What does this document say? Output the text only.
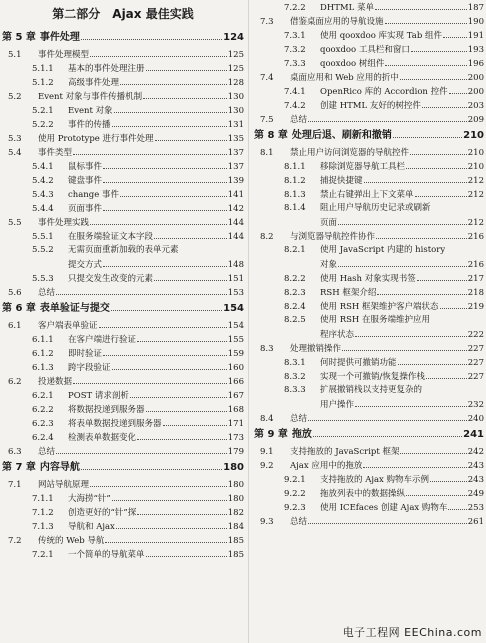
第二部分　Ajax 最佳实践
第 5 章 事件处理	124
5.1	事件处理模型	125
5.1.1	基本的事件处理注册	125
5.1.2	高级事件处理	128
5.2	Event 对象与事件传播机制	130
5.2.1	Event 对象	130
5.2.2	事件的传播	131
5.3	使用 Prototype 进行事件处理	135
5.4	事件类型	137
5.4.1	鼠标事件	137
5.4.2	键盘事件	139
5.4.3	change 事件	141
5.4.4	页面事件	142
5.5	事件处理实践	144
5.5.1	在服务端验证文本字段	144
5.5.2	无需页面重新加载的表单元素
提交方式	148
5.5.3	只提交发生改变的元素	151
5.6	总结	153
第 6 章 表单验证与提交	154
6.1	客户端表单验证	154
6.1.1	在客户端进行验证	155
6.1.2	即时验证	159
6.1.3	跨字段验证	160
6.2	投递数据	166
6.2.1	POST 请求剖析	167
6.2.2	将数据投递到服务器	168
6.2.3	将表单数据投递到服务器	171
6.2.4	检测表单数据变化	173
6.3	总结	179
第 7 章 内容导航	180
7.1	网站导航原理	180
7.1.1	大海捞“针”	180
7.1.2	创造更好的“针”探	182
7.1.3	导航和 Ajax	184
7.2	传统的 Web 导航	185
7.2.1	一个简单的导航菜单	185
7.2.2	DHTML 菜单	187
7.3	借鉴桌面应用的导航设施	190
7.3.1	使用 qooxdoo 库实现 Tab 组件	191
7.3.2	qooxdoo 工具栏和窗口	193
7.3.3	qooxdoo 树组件	196
7.4	桌面应用和 Web 应用的折中	200
7.4.1	OpenRico 库的 Accordion 控件 200
7.4.2	创建 HTML 友好的树控件	203
7.5	总结	209
第 8 章 处理后退、刷新和撤销	210
8.1	禁止用户访问浏览器的导航控件	210
8.1.1	移除浏览器导航工具栏	210
8.1.2	捕捉快捷键	212
8.1.3	禁止右键弹出上下文菜单	212
8.1.4	阻止用户导航历史记录或刷新
页面	212
8.2	与浏览器导航控件协作	216
8.2.1	使用 JavaScript 内建的 history
对象	216
8.2.2	使用 Hash 对象实现书签	217
8.2.3	RSH 框架介绍	218
8.2.4	使用 RSH 框架维护客户端状态	219
8.2.5	使用 RSH 在服务端维护应用
程序状态	222
8.3	处理撤销操作	227
8.3.1	何时提供可撤销功能	227
8.3.2	实现一个可撤销/恢复操作栈	227
8.3.3	扩展撤销栈以支持更复杂的
用户操作	232
8.4	总结	240
第 9 章 拖放	241
9.1	支持拖放的 JavaScript 框架	242
9.2	Ajax 应用中的拖放	243
9.2.1	支持拖放的 Ajax 购物车示例	243
9.2.2	拖放列表中的数据操纵	249
9.2.3	使用 ICEfaces 创建 Ajax 购物车 253
9.3	总结	261
电子工程网 EEChina.com
